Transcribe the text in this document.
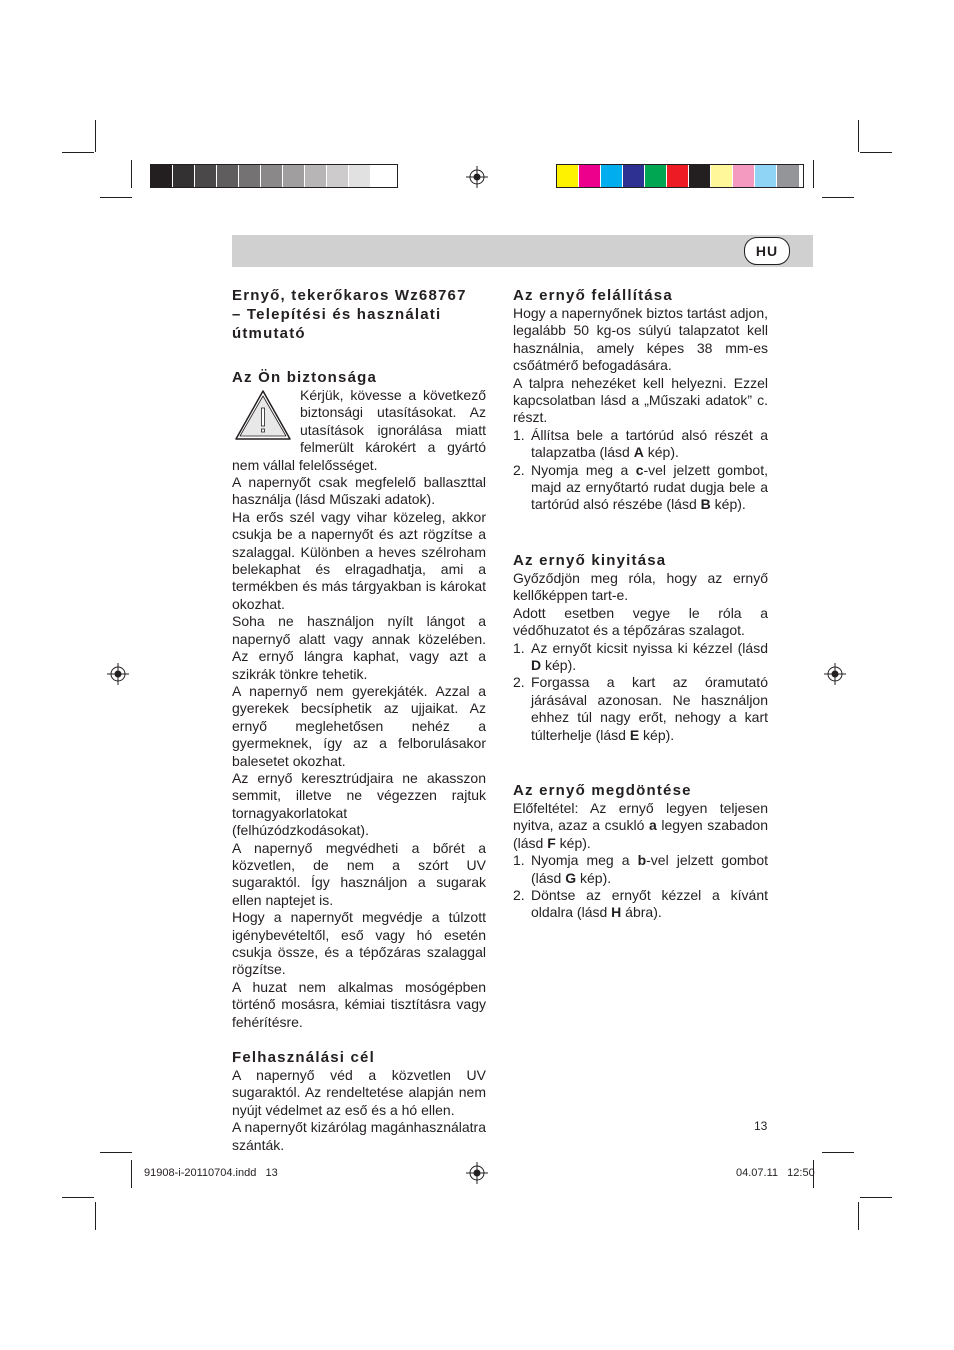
HU
Ernyő, tekerőkaros Wz68767
– Telepítési és használati
útmutató
Az Ön biztonsága

Kérjük, kövesse a következő biztonsági utasításokat. Az utasítások ignorálása miatt felmerült károkért a gyártó nem vállal felelősséget.

A napernyőt csak megfelelő ballaszttal használja (lásd Műszaki adatok).

Ha erős szél vagy vihar közeleg, akkor csukja be a napernyőt és azt rögzítse a szalaggal. Különben a heves szélroham belekaphat és elragadhatja, ami a termékben és más tárgyakban is károkat okozhat.

Soha ne használjon nyílt lángot a napernyő alatt vagy annak közelében. Az ernyő lángra kaphat, vagy azt a szikrák tönkre tehetik.

A napernyő nem gyerekjáték. Azzal a gyerekek becsíphetik az ujjaikat. Az ernyő meglehetősen nehéz a gyermeknek, így az a felborulásakor balesetet okozhat.

Az ernyő keresztrúdjaira ne akasszon semmit, illetve ne végezzen rajtuk tornagyakorlatokat (felhúzódzkodásokat).

A napernyő megvédheti a bőrét a közvetlen, de nem a szórt UV sugaraktól. Így használjon a sugarak ellen naptejet is.

Hogy a napernyőt megvédje a túlzott igénybevételtől, eső vagy hó esetén csukja össze, és a tépőzáras szalaggal rögzítse.

A huzat nem alkalmas mosógépben történő mosásra, kémiai tisztításra vagy fehérítésre.

Felhasználási cél

A napernyő véd a közvetlen UV sugaraktól. Az rendeltetése alapján nem nyújt védelmet az eső és a hó ellen.

A napernyőt kizárólag magánhasználatra szánták.

Az ernyő felállítása

Hogy a napernyőnek biztos tartást adjon, legalább 50 kg-os súlyú talapzatot kell használnia, amely képes 38 mm-es csőátmérő befogadására.

A talpra nehezéket kell helyezni. Ezzel kapcsolatban lásd a „Műszaki adatok” c. részt.

1. Állítsa bele a tartórúd alsó részét a talapzatba (lásd A kép).
2. Nyomja meg a c-vel jelzett gombot, majd az ernyőtartó rudat dugja bele a tartórúd alsó részébe (lásd B kép).
Az ernyő kinyitása

Győződjön meg róla, hogy az ernyő kellőképpen tart-e.

Adott esetben vegye le róla a védőhuzatot és a tépőzáras szalagot.

1. Az ernyőt kicsit nyissa ki kézzel (lásd D kép).
2. Forgassa a kart az óramutató járásával azonosan. Ne használjon ehhez túl nagy erőt, nehogy a kart túlterhelje (lásd E kép).
Az ernyő megdöntése

Előfeltétel: Az ernyő legyen teljesen nyitva, azaz a csukló a legyen szabadon (lásd F kép).

1. Nyomja meg a b-vel jelzett gombot (lásd G kép).
2. Döntse az ernyőt kézzel a kívánt oldalra (lásd H ábra).
13
91908-i-20110704.indd   13	04.07.11   12:50
